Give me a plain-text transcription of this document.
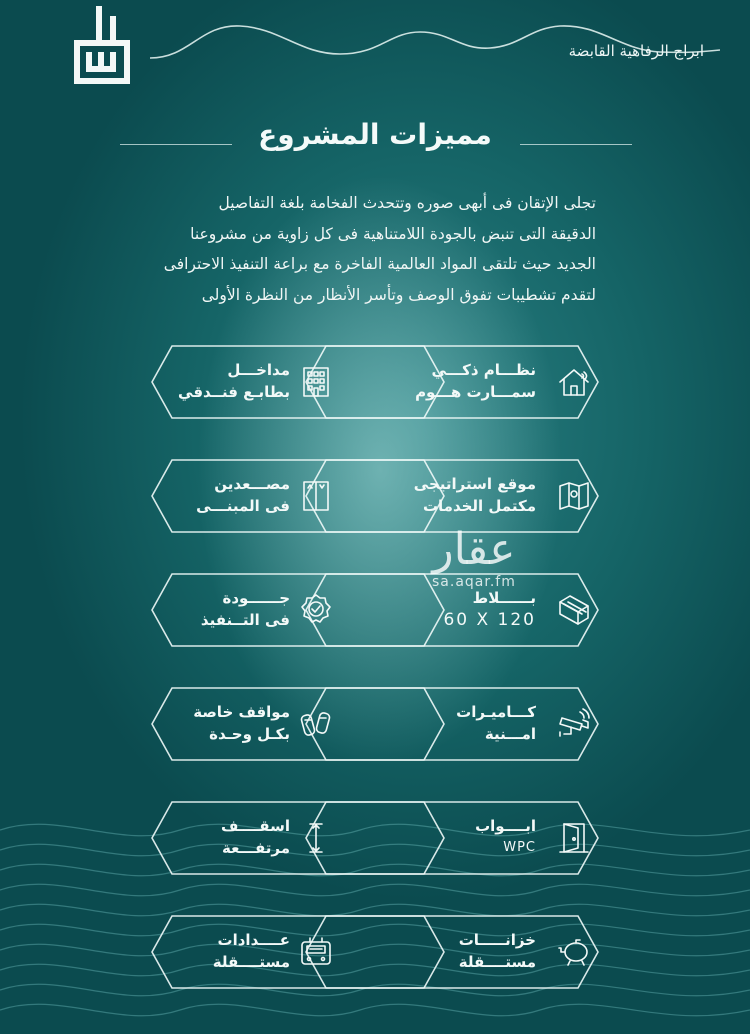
ابراج الرفاهية القابضة
مميزات المشروع
تجلى الإتقان فى أبهى صوره وتتحدث الفخامة بلغة التفاصيل
الدقيقة التى تنبض بالجودة اللامتناهية فى كل زاوية من مشروعنا
الجديد حيث تلتقى المواد العالمية الفاخرة مع براعة التنفيذ الاحترافى
لتقدم تشطيبات تفوق الوصف وتأسر الأنظار من النظرة الأولى
نظـــام ذكـــي
سمـــارت هـــوم
مداخـــل
بطابـع فنــدقي
موقع استراتيجى
مكتمل الخدمات
مصـــعدين
فى المبنـــى
بــــــلاط
60 X 120
جــــــودة
فى التــنفيذ
كـــاميـرات
امـــنية
مواقف خاصة
بكـل وحـدة
ابــــواب
WPC
اسقــــف
مرتفـــعة
خزانـــــات
مستــــقلة
عــــدادات
مستــــقلة
عقار
sa.aqar.fm
